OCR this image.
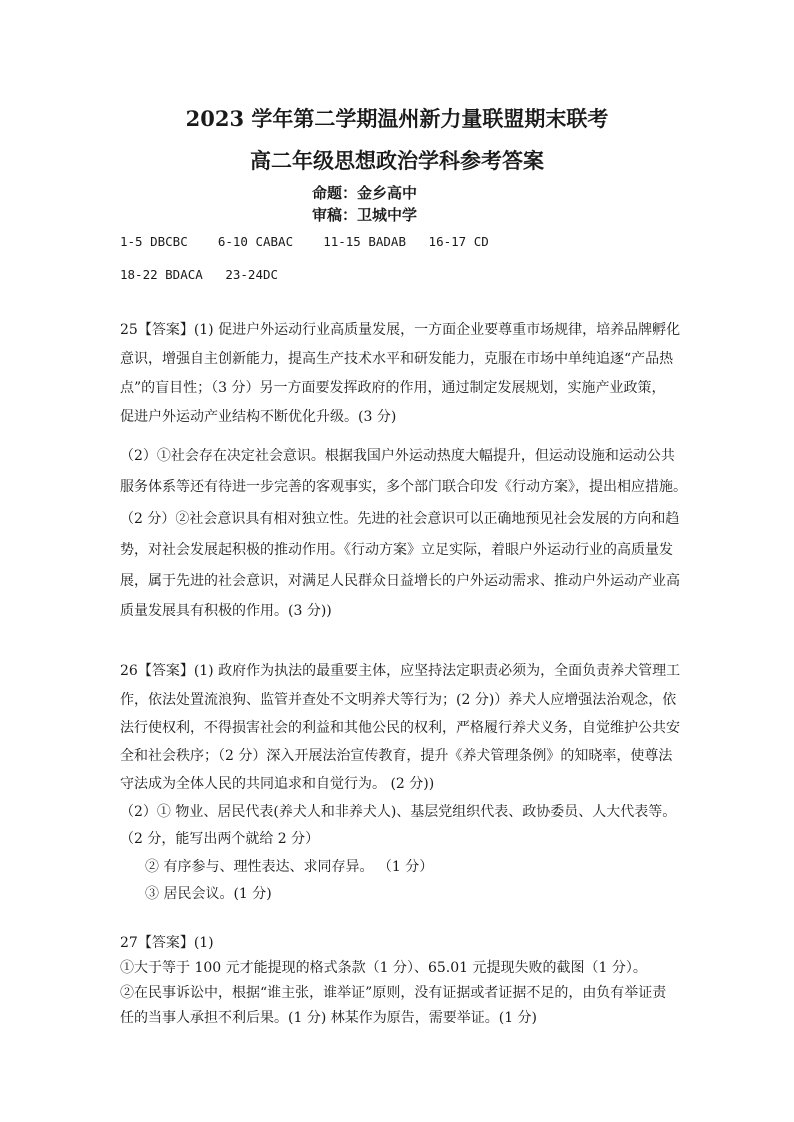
2023 学年第二学期温州新力量联盟期末联考
高二年级思想政治学科参考答案
命题：金乡高中
审稿：卫城中学
1-5 DBCBC    6-10 CABAC    11-15 BADAB   16-17 CD
18-22 BDACA   23-24DC
25【答案】(1) 促进户外运动行业高质量发展，一方面企业要尊重市场规律，培养品牌孵化
意识，增强自主创新能力，提高生产技术水平和研发能力，克服在市场中单纯追逐“产品热
点”的盲目性；（3 分）另一方面要发挥政府的作用，通过制定发展规划，实施产业政策，
促进户外运动产业结构不断优化升级。(3 分)
（2）①社会存在决定社会意识。根据我国户外运动热度大幅提升，但运动设施和运动公共
服务体系等还有待进一步完善的客观事实，多个部门联合印发《行动方案》，提出相应措施。
（2 分）②社会意识具有相对独立性。先进的社会意识可以正确地预见社会发展的方向和趋
势，对社会发展起积极的推动作用。《行动方案》立足实际，着眼户外运动行业的高质量发
展，属于先进的社会意识，对满足人民群众日益增长的户外运动需求、推动户外运动产业高
质量发展具有积极的作用。(3 分))
26【答案】(1) 政府作为执法的最重要主体，应坚持法定职责必须为，全面负责养犬管理工
作，依法处置流浪狗、监管并查处不文明养犬等行为；(2 分)）养犬人应增强法治观念，依
法行使权利，不得损害社会的利益和其他公民的权利，严格履行养犬义务，自觉维护公共安
全和社会秩序；（2 分）深入开展法治宣传教育，提升《养犬管理条例》的知晓率，使尊法
守法成为全体人民的共同追求和自觉行为。 (2 分))
（2）① 物业、居民代表(养犬人和非养犬人)、基层党组织代表、政协委员、人大代表等。
（2 分，能写出两个就给 2 分）
② 有序参与、理性表达、求同存异。 （1 分）
③ 居民会议。(1 分)
27【答案】(1)
①大于等于 100 元才能提现的格式条款（1 分）、65.01 元提现失败的截图（1 分）。
②在民事诉讼中，根据“谁主张，谁举证”原则，没有证据或者证据不足的，由负有举证责
任的当事人承担不利后果。(1 分) 林某作为原告，需要举证。(1 分)
